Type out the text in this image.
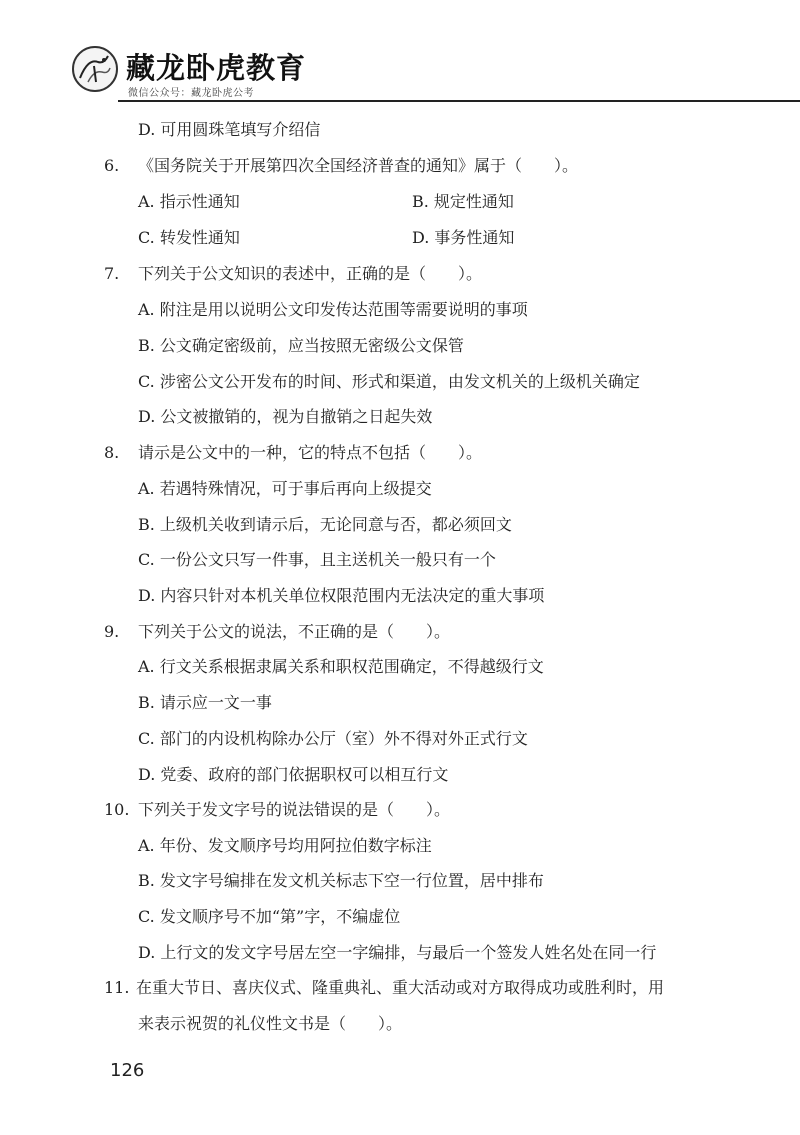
藏龙卧虎教育
微信公众号：藏龙卧虎公考
D. 可用圆珠笔填写介绍信
6. 《国务院关于开展第四次全国经济普查的通知》属于（　　）。
A. 指示性通知	B. 规定性通知
C. 转发性通知	D. 事务性通知
7. 下列关于公文知识的表述中，正确的是（　　）。
A. 附注是用以说明公文印发传达范围等需要说明的事项
B. 公文确定密级前，应当按照无密级公文保管
C. 涉密公文公开发布的时间、形式和渠道，由发文机关的上级机关确定
D. 公文被撤销的，视为自撤销之日起失效
8. 请示是公文中的一种，它的特点不包括（　　）。
A. 若遇特殊情况，可于事后再向上级提交
B. 上级机关收到请示后，无论同意与否，都必须回文
C. 一份公文只写一件事，且主送机关一般只有一个
D. 内容只针对本机关单位权限范围内无法决定的重大事项
9. 下列关于公文的说法，不正确的是（　　）。
A. 行文关系根据隶属关系和职权范围确定，不得越级行文
B. 请示应一文一事
C. 部门的内设机构除办公厅（室）外不得对外正式行文
D. 党委、政府的部门依据职权可以相互行文
10. 下列关于发文字号的说法错误的是（　　）。
A. 年份、发文顺序号均用阿拉伯数字标注
B. 发文字号编排在发文机关标志下空一行位置，居中排布
C. 发文顺序号不加“第”字，不编虚位
D. 上行文的发文字号居左空一字编排，与最后一个签发人姓名处在同一行
11. 在重大节日、喜庆仪式、隆重典礼、重大活动或对方取得成功或胜利时，用
来表示祝贺的礼仪性文书是（　　）。
126
